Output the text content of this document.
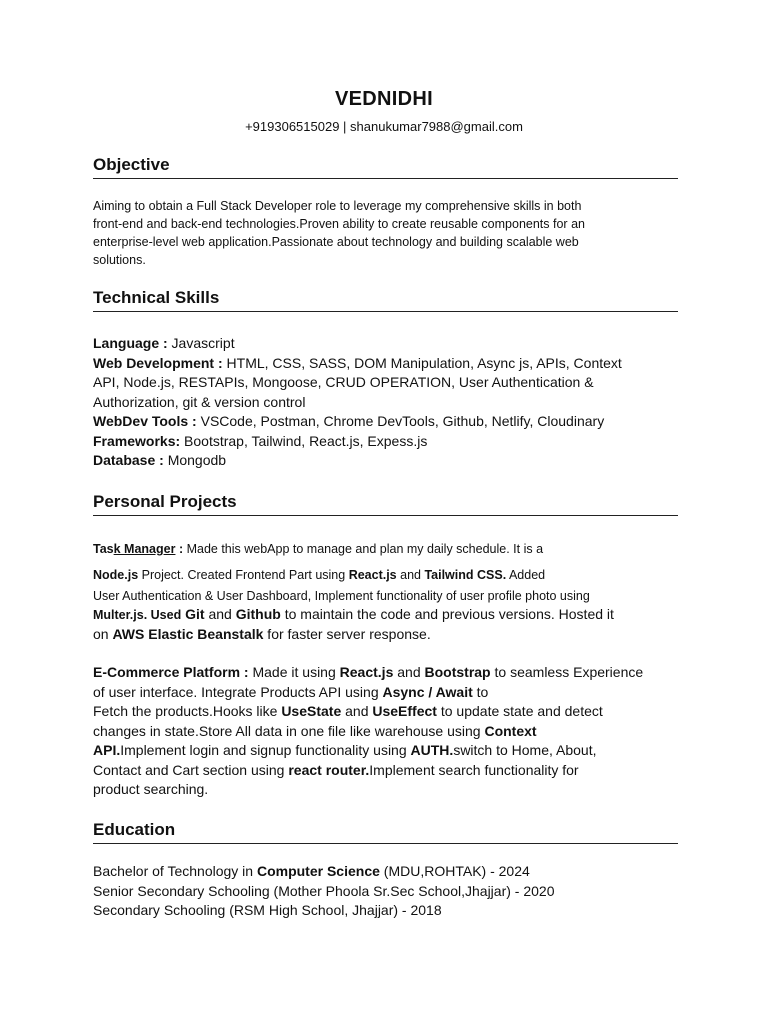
VEDNIDHI
+919306515029 | shanukumar7988@gmail.com
Objective
Aiming to obtain a Full Stack Developer role to leverage my comprehensive skills in both
front-end and back-end technologies.Proven ability to create reusable components for an
enterprise-level web application.Passionate about technology and building scalable web
solutions.
Technical Skills
Language : Javascript
Web Development : HTML, CSS, SASS, DOM Manipulation, Async js, APIs, Context
API, Node.js, RESTAPIs, Mongoose, CRUD OPERATION, User Authentication &
Authorization, git & version control
WebDev Tools : VSCode, Postman, Chrome DevTools, Github, Netlify, Cloudinary
Frameworks: Bootstrap, Tailwind, React.js, Expess.js
Database : Mongodb
Personal Projects
Task Manager : Made this webApp to manage and plan my daily schedule. It is a
Node.js Project. Created Frontend Part using React.js and Tailwind CSS. Added
User Authentication & User Dashboard, Implement functionality of user profile photo using
Multer.js. Used Git and Github to maintain the code and previous versions. Hosted it
on AWS Elastic Beanstalk for faster server response.
E-Commerce Platform : Made it using React.js and Bootstrap to seamless Experience
of user interface. Integrate Products API using Async / Await to
Fetch the products.Hooks like UseState and UseEffect to update state and detect
changes in state.Store All data in one file like warehouse using Context
API.Implement login and signup functionality using AUTH.switch to Home, About,
Contact and Cart section using react router.Implement search functionality for
product searching.
Education
Bachelor of Technology in Computer Science (MDU,ROHTAK) - 2024
Senior Secondary Schooling (Mother Phoola Sr.Sec School,Jhajjar) - 2020
Secondary Schooling (RSM High School, Jhajjar) - 2018
